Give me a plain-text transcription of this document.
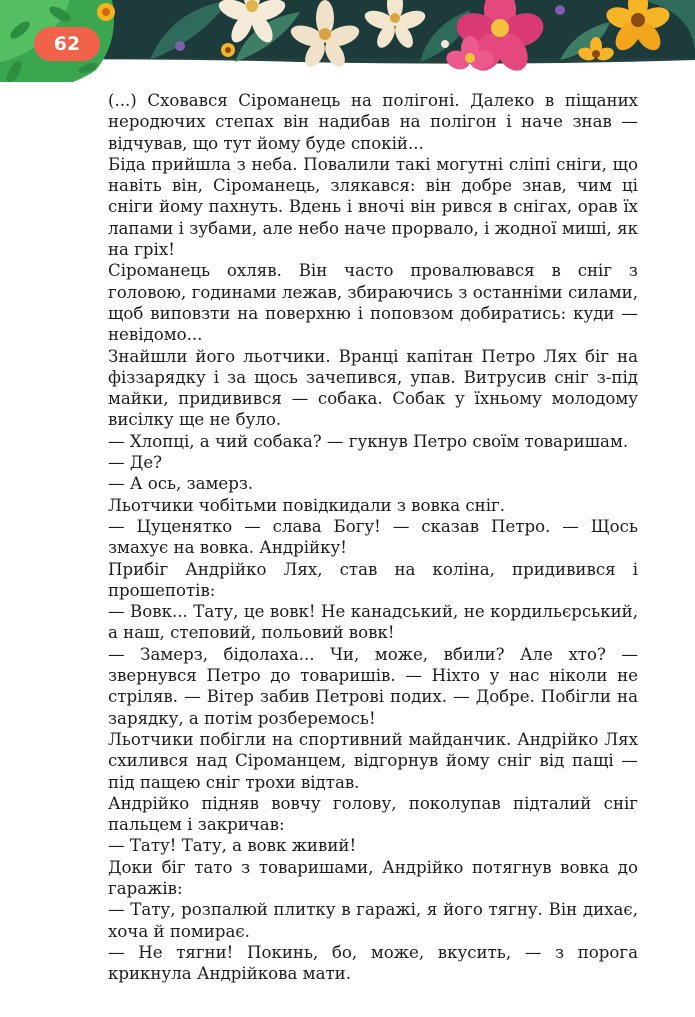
62

(...) Сховався Сіроманець на полігоні. Далеко в піщаних неродючих степах він надибав на полігон і наче знав — відчував, що тут йому буде спокій...

Біда прийшла з неба. Повалили такі могутні сліпі сніги, що навіть він, Сіроманець, злякався: він добре знав, чим ці сніги йому пахнуть. Вдень і вночі він рився в снігах, орав їх лапами і зубами, але небо наче прорвало, і жодної миші, як на гріх!

Сіроманець охляв. Він часто провалювався в сніг з головою, годинами лежав, збираючись з останніми силами, щоб виповзти на поверхню і поповзом добиратись: куди — невідомо...

Знайшли його льотчики. Вранці капітан Петро Лях біг на фіззарядку і за щось зачепився, упав. Витрусив сніг з-під майки, придивився — собака. Собак у їхньому молодому висілку ще не було.

— Хлопці, а чий собака? — гукнув Петро своїм товаришам.

— Де?

— А ось, замерз.

Льотчики чобітьми повідкидали з вовка сніг.

— Цуценятко — слава Богу! — сказав Петро. — Щось змахує на вовка. Андрійку!

Прибіг Андрійко Лях, став на коліна, придивився і прошепотів:

— Вовк... Тату, це вовк! Не канадський, не кордильєрський, а наш, степовий, польовий вовк!

— Замерз, бідолаха... Чи, може, вбили? Але хто? — звернувся Петро до товаришів. — Ніхто у нас ніколи не стріляв. — Вітер забив Петрові подих. — Добре. Побігли на зарядку, а потім розберемось!

Льотчики побігли на спортивний майданчик. Андрійко Лях схилився над Сіроманцем, відгорнув йому сніг від пащі — під пащею сніг трохи відтав.

Андрійко підняв вовчу голову, поколупав підталий сніг пальцем і закричав:

— Тату! Тату, а вовк живий!

Доки біг тато з товаришами, Андрійко потягнув вовка до гаражів:

— Тату, розпалюй плитку в гаражі, я його тягну. Він дихає, хоча й помирає.

— Не тягни! Покинь, бо, може, вкусить, — з порога крикнула Андрійкова мати.
